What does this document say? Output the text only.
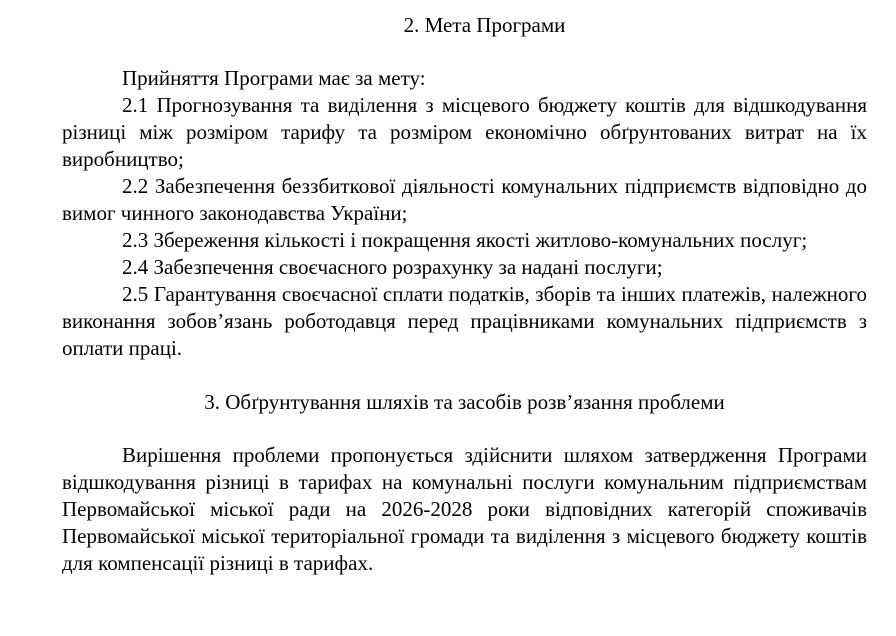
2. Мета Програми

Прийняття Програми має за мету:

2.1 Прогнозування та виділення з місцевого бюджету коштів для відшкодування різниці між розміром тарифу та розміром економічно обґрунтованих витрат на їх виробництво;

2.2 Забезпечення беззбиткової діяльності комунальних підприємств відповідно до вимог чинного законодавства України;

2.3 Збереження кількості і покращення якості житлово-комунальних послуг;

2.4 Забезпечення своєчасного розрахунку за надані послуги;

2.5 Гарантування своєчасної сплати податків, зборів та інших платежів, належного виконання зобов’язань роботодавця перед працівниками комунальних підприємств з оплати праці.

3. Обґрунтування шляхів та засобів розв’язання проблеми

Вирішення проблеми пропонується здійснити шляхом затвердження Програми відшкодування різниці в тарифах на комунальні послуги комунальним підприємствам Первомайської міської ради на 2026-2028 роки відповідних категорій споживачів Первомайської міської територіальної громади та виділення з місцевого бюджету коштів для компенсації різниці в тарифах.
